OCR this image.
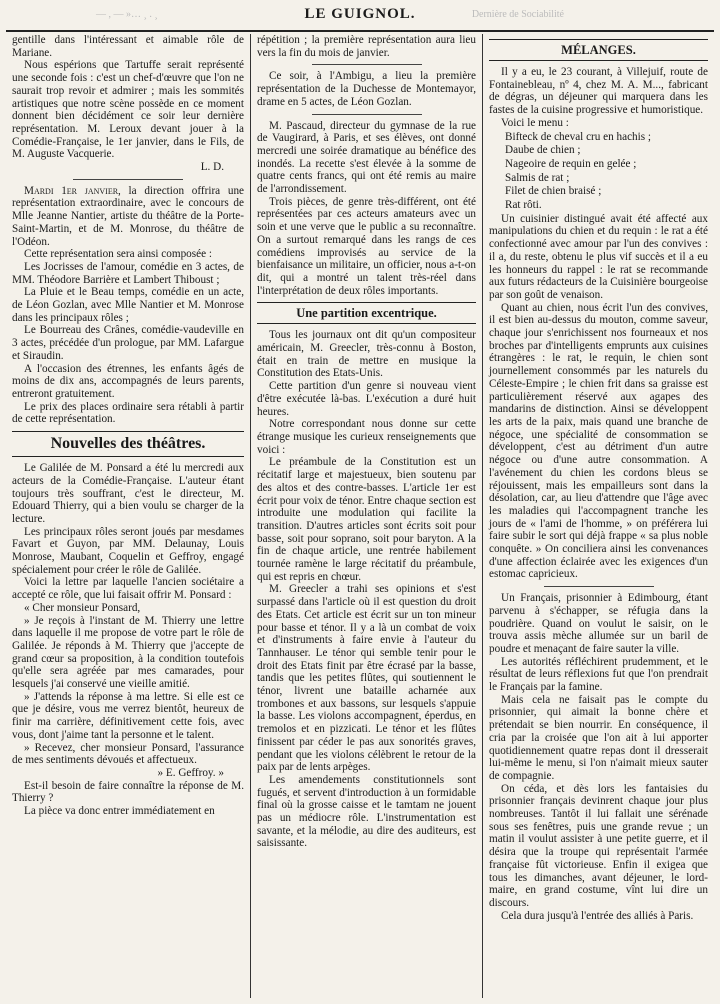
— , — »… ¸ . ¸	LE GUIGNOL.	Dernière de Sociabilité

gentille dans l'intéressant et aimable rôle de Mariane.

Nous espérions que Tartuffe serait représenté une seconde fois : c'est un chef-d'œuvre que l'on ne saurait trop revoir et admirer ; mais les sommités artistiques que notre scène possède en ce moment donnent bien décidément ce soir leur dernière représentation. M. Leroux devant jouer à la Comédie-Française, le 1er janvier, dans le Fils, de M. Auguste Vacquerie.

L. D.

Mardi 1er janvier, la direction offrira une représentation extraordinaire, avec le concours de Mlle Jeanne Nantier, artiste du théâtre de la Porte-Saint-Martin, et de M. Monrose, du théâtre de l'Odéon.

Cette représentation sera ainsi composée :

Les Jocrisses de l'amour, comédie en 3 actes, de MM. Théodore Barrière et Lambert Thiboust ;

La Pluie et le Beau temps, comédie en un acte, de Léon Gozlan, avec Mlle Nantier et M. Monrose dans les principaux rôles ;

Le Bourreau des Crânes, comédie-vaudeville en 3 actes, précédée d'un prologue, par MM. Lafargue et Siraudin.

A l'occasion des étrennes, les enfants âgés de moins de dix ans, accompagnés de leurs parents, entreront gratuitement.

Le prix des places ordinaire sera rétabli à partir de cette représentation.

Nouvelles des théâtres.

Le Galilée de M. Ponsard a été lu mercredi aux acteurs de la Comédie-Française. L'auteur étant toujours très souffrant, c'est le directeur, M. Edouard Thierry, qui a bien voulu se charger de la lecture.

Les principaux rôles seront joués par mesdames Favart et Guyon, par MM. Delaunay, Louis Monrose, Maubant, Coquelin et Geffroy, engagé spécialement pour créer le rôle de Galilée.

Voici la lettre par laquelle l'ancien sociétaire a accepté ce rôle, que lui faisait offrir M. Ponsard :

« Cher monsieur Ponsard,

» Je reçois à l'instant de M. Thierry une lettre dans laquelle il me propose de votre part le rôle de Galilée. Je réponds à M. Thierry que j'accepte de grand cœur sa proposition, à la condition toutefois qu'elle sera agréée par mes camarades, pour lesquels j'ai conservé une vieille amitié.

» J'attends la réponse à ma lettre. Si elle est ce que je désire, vous me verrez bientôt, heureux de finir ma carrière, définitivement cette fois, avec vous, dont j'aime tant la personne et le talent.

» Recevez, cher monsieur Ponsard, l'assurance de mes sentiments dévoués et affectueux.

» E. Geffroy. »

Est-il besoin de faire connaître la réponse de M. Thierry ?

La pièce va donc entrer immédiatement en

répétition ; la première représentation aura lieu vers la fin du mois de janvier.

Ce soir, à l'Ambigu, a lieu la première représentation de la Duchesse de Montemayor, drame en 5 actes, de Léon Gozlan.

M. Pascaud, directeur du gymnase de la rue de Vaugirard, à Paris, et ses élèves, ont donné mercredi une soirée dramatique au bénéfice des inondés. La recette s'est élevée à la somme de quatre cents francs, qui ont été remis au maire de l'arrondissement.

Trois pièces, de genre très-différent, ont été représentées par ces acteurs amateurs avec un soin et une verve que le public a su reconnaître. On a surtout remarqué dans les rangs de ces comédiens improvisés au service de la bienfaisance un militaire, un officier, nous a-t-on dit, qui a montré un talent très-réel dans l'interprétation de deux rôles importants.

Une partition excentrique.

Tous les journaux ont dit qu'un compositeur américain, M. Greecler, très-connu à Boston, était en train de mettre en musique la Constitution des Etats-Unis.

Cette partition d'un genre si nouveau vient d'être exécutée là-bas. L'exécution a duré huit heures.

Notre correspondant nous donne sur cette étrange musique les curieux renseignements que voici :

Le préambule de la Constitution est un récitatif large et majestueux, bien soutenu par des altos et des contre-basses. L'article 1er est écrit pour voix de ténor. Entre chaque section est introduite une modulation qui facilite la transition. D'autres articles sont écrits soit pour basse, soit pour soprano, soit pour baryton. A la fin de chaque article, une rentrée habilement tournée ramène le large récitatif du préambule, qui est repris en chœur.

M. Greecler a trahi ses opinions et s'est surpassé dans l'article où il est question du droit des Etats. Cet article est écrit sur un ton mineur pour basse et ténor. Il y a là un combat de voix et d'instruments à faire envie à l'auteur du Tannhauser. Le ténor qui semble tenir pour le droit des Etats finit par être écrasé par la basse, tandis que les petites flûtes, qui soutiennent le ténor, livrent une bataille acharnée aux trombones et aux bassons, sur lesquels s'appuie la basse. Les violons accompagnent, éperdus, en tremolos et en pizzicati. Le ténor et les flûtes finissent par céder le pas aux sonorités graves, pendant que les violons célèbrent le retour de la paix par de lents arpèges.

Les amendements constitutionnels sont fugués, et servent d'introduction à un formidable final où la grosse caisse et le tamtam ne jouent pas un médiocre rôle. L'instrumentation est savante, et la mélodie, au dire des auditeurs, est saisissante.

MÉLANGES.

Il y a eu, le 23 courant, à Villejuif, route de Fontainebleau, nº 4, chez M. A. M..., fabricant de dégras, un déjeuner qui marquera dans les fastes de la cuisine progressive et humoristique.

Voici le menu :

Bifteck de cheval cru en hachis ;

Daube de chien ;

Nageoire de requin en gelée ;

Salmis de rat ;

Filet de chien braisé ;

Rat rôti.

Un cuisinier distingué avait été affecté aux manipulations du chien et du requin : le rat a été confectionné avec amour par l'un des convives : il a, du reste, obtenu le plus vif succès et il a eu les honneurs du rappel : le rat se recommande aux futurs rédacteurs de la Cuisinière bourgeoise par son goût de venaison.

Quant au chien, nous écrit l'un des convives, il est bien au-dessus du mouton, comme saveur, chaque jour s'enrichissent nos fourneaux et nos broches par d'intelligents emprunts aux cuisines étrangères : le rat, le requin, le chien sont journellement consommés par les naturels du Céleste-Empire ; le chien frit dans sa graisse est particulièrement réservé aux agapes des mandarins de distinction. Ainsi se développent les arts de la paix, mais quand une branche de négoce, une spécialité de consommation se développent, c'est au détriment d'un autre négoce ou d'une autre consommation. A l'avénement du chien les cordons bleus se réjouissent, mais les empailleurs sont dans la désolation, car, au lieu d'attendre que l'âge avec les maladies qui l'accompagnent tranche les jours de « l'ami de l'homme, » on préférera lui faire subir le sort qui déjà frappe « sa plus noble conquête. » On conciliera ainsi les convenances d'une affection éclairée avec les exigences d'un estomac capricieux.

Un Français, prisonnier à Edimbourg, étant parvenu à s'échapper, se réfugia dans la poudrière. Quand on voulut le saisir, on le trouva assis mèche allumée sur un baril de poudre et menaçant de faire sauter la ville.

Les autorités réfléchirent prudemment, et le résultat de leurs réflexions fut que l'on prendrait le Français par la famine.

Mais cela ne faisait pas le compte du prisonnier, qui aimait la bonne chère et prétendait se bien nourrir. En conséquence, il cria par la croisée que l'on ait à lui apporter quotidiennement quatre repas dont il dresserait lui-même le menu, si l'on n'aimait mieux sauter de compagnie.

On céda, et dès lors les fantaisies du prisonnier français devinrent chaque jour plus nombreuses. Tantôt il lui fallait une sérénade sous ses fenêtres, puis une grande revue ; un matin il voulut assister à une petite guerre, et il désira que la troupe qui représentait l'armée française fût victorieuse. Enfin il exigea que tous les dimanches, avant déjeuner, le lord-maire, en grand costume, vînt lui dire un discours.

Cela dura jusqu'à l'entrée des alliés à Paris.
